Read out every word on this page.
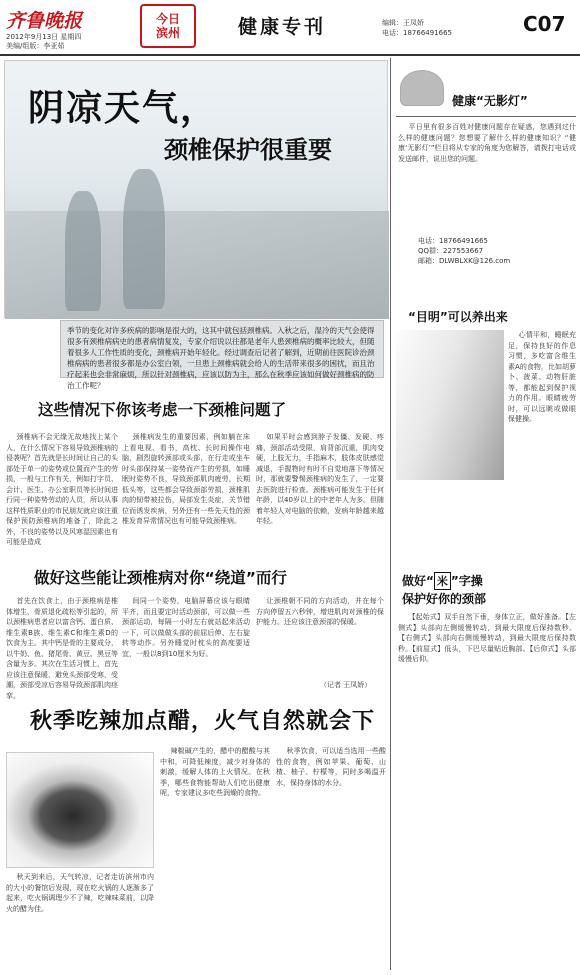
齐鲁晚报
2012年9月13日 星期四
美编/组版：李亚茹
今日
滨州	健康专刊	编辑：王凤娇
电话：18766491665	C07
阴凉天气，
颈椎保护很重要
季节的变化对许多疾病的影响是很大的，这其中就包括颈椎病。入秋之后，湿冷的天气会使得很多有颈椎病病史的患者病情复发，专家介绍说以往都是老年人患颈椎病的概率比较大，但随着很多人工作性质的变化，颈椎病开始年轻化。经过调查后记者了解到，近期前往医院诊治颈椎病病的患者很多都是办公室白领，一旦患上颈椎病就会给人的生活带来很多的困扰，而且治疗起来也会非常麻烦，所以针对颈椎病，应该以防为主，那么在秋季应该如何做好颈椎病的防治工作呢？
这些情况下你该考虑一下颈椎问题了
颈椎病不会无缘无故地找上某个人，在什么情况下容易导致颈椎病的侵袭呢？首先就是长时间让自己的头部处于单一的姿势或位置而产生的劳损，一般与工作有关，例如打字员、会计、医生、办公室职员等长时间进行同一种姿势劳动的人员，所以从事这样性质职业的市民朋友就应该注重保护预防颈椎病的堆备了，除此之外，不良的姿势以及风寒湿因素也有可能是造成
颈椎病发生的重要因素，例如躺在床上看电视、看书，高枕、长时间操作电脑，剧烈旋转颈部或头部，在行走或坐车时头部保持某一姿势而产生的劳损，如睡眠时姿势不良，导致颈部肌肉疲劳，长期低头等，这些都会导致颈部劳损，颈椎肌肉的韧带被拉伤，局部发生炎症，关节错位而诱发疾病，另外还有一些先天性的颈椎发育异常情况也有可能导致颈椎病。
如果平时会感到脖子发僵、发硬、疼痛，颈部活动受限，肩背部沉重，肌肉变硬，上肢无力，手指麻木，肢体皮肤感觉减退，手握物时有时不自觉地落下等情况时，那就要警惕颈椎病的发生了，一定要去医院进行检查。颈椎病可能发生于任何年龄，以40岁以上的中老年人为多。但随着年轻人对电脑的依赖，发病年龄越来越年轻。
做好这些能让颈椎病对你“绕道”而行
首先在饮食上，由于颈椎病是椎体增生，骨质退化疏松等引起的，所以颈椎病患者应以富含钙、蛋白质、维生素B族、维生素C和维生素D的饮食为主。其中钙是骨的主要成分，以牛奶、鱼、猪尾骨、黄豆、黑豆等含量为多。其次在生活习惯上，首先应该注意保暖，避免头颈部受寒，受潮，颈部受凉后容易导致颈部肌肉痉挛。
间同一个姿势，电脑屏幕应该与眼睛平齐，而且要定时活动颈部，可以做一些颈部运动，每隔一小时左右就站起来活动一下，可以做做头部的前屈后伸、左右旋转等动作。另外睡觉时枕头的高度要适宜，一般以8到10厘米为好。
让颈椎朝不同的方向活动，并在每个方向停留五六秒钟，增进肌肉对颈椎的保护能力。还应该注意颈部的保暖。
（记者 王凤娇）
秋季吃辣加点醋，火气自然就会下
秋天到来后，天气转凉，记者走访滨州市内的大小的餐馆后发现，现在吃火锅的人逐渐多了起来，吃火锅调理少不了辣，吃辣味菜前，以降火的醋为佳。
辣椒碱产生的，醋中的醋酸与其中和，可降低辣度，减少对身体的刺激，缓解人体的上火情况。在秋季，哪些食物能帮助人们吃出健康呢，专家建议多吃些润燥的食物。
秋季饮食，可以适当选用一些酸性的食物，例如苹果、葡萄、山楂、柚子、柠檬等，同时多喝温开水，保持身体的水分。
健康“无影灯”
平日里有很多百姓对健康问题存在疑惑，您遇到过什么样的健康问题？您想要了解什么样的健康知识？“健康‘无影灯’”栏目将从专家的角度为您解答，请拨打电话或发送邮件，说出您的问题。
电话：18766491665
QQ群：227553667
邮箱：DLWBLXK@126.com
“目明”可以养出来
心情平和，睡眠充足，保持良好的作息习惯，多吃富含维生素A的食物，比如胡萝卜、菠菜、动物肝脏等，都能起到保护视力的作用。眼睛疲劳时，可以远眺或做眼保健操。
做好“ 米 ”字操
保护好你的颈部
【起始式】双手自然下垂，身体立正，做好准备。【左侧式】头部向左侧缓慢转动，到最大限度后保持数秒。【右侧式】头部向右侧缓慢转动，到最大限度后保持数秒。【前屈式】低头，下巴尽量贴近胸部。【后仰式】头部缓慢后仰。
